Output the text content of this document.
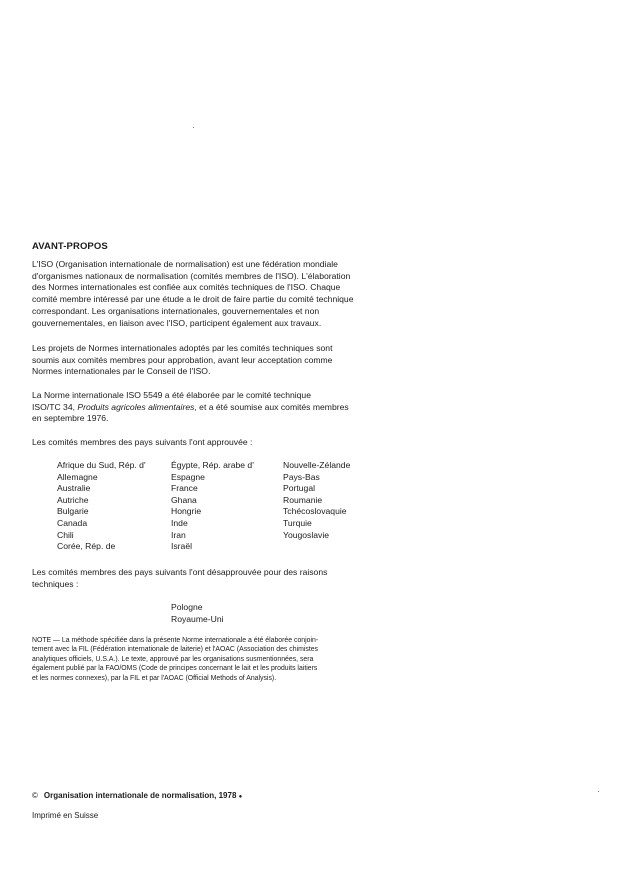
AVANT-PROPOS
L'ISO (Organisation internationale de normalisation) est une fédération mondiale
d'organismes nationaux de normalisation (comités membres de l'ISO). L'élaboration
des Normes internationales est confiée aux comités techniques de l'ISO. Chaque
comité membre intéressé par une étude a le droit de faire partie du comité technique
correspondant. Les organisations internationales, gouvernementales et non
gouvernementales, en liaison avec l'ISO, participent également aux travaux.
Les projets de Normes internationales adoptés par les comités techniques sont
soumis aux comités membres pour approbation, avant leur acceptation comme
Normes internationales par le Conseil de l'ISO.
La Norme internationale ISO 5549 a été élaborée par le comité technique
ISO/TC 34, Produits agricoles alimentaires, et a été soumise aux comités membres
en septembre 1976.
Les comités membres des pays suivants l'ont approuvée :
Afrique du Sud, Rép. d'
Allemagne
Australie
Autriche
Bulgarie
Canada
Chili
Corée, Rép. de
Égypte, Rép. arabe d'
Espagne
France
Ghana
Hongrie
Inde
Iran
Israël
Nouvelle-Zélande
Pays-Bas
Portugal
Roumanie
Tchécoslovaquie
Turquie
Yougoslavie
Les comités membres des pays suivants l'ont désapprouvée pour des raisons
techniques :
Pologne
Royaume-Uni
NOTE — La méthode spécifiée dans la présente Norme internationale a été élaborée conjoin-
tement avec la FIL (Fédération internationale de laiterie) et l'AOAC (Association des chimistes
analytiques officiels, U.S.A.). Le texte, approuvé par les organisations susmentionnées, sera
également publié par la FAO/OMS (Code de principes concernant le lait et les produits laitiers
et les normes connexes), par la FIL et par l'AOAC (Official Methods of Analysis).
© Organisation internationale de normalisation, 1978 ●
Imprimé en Suisse
